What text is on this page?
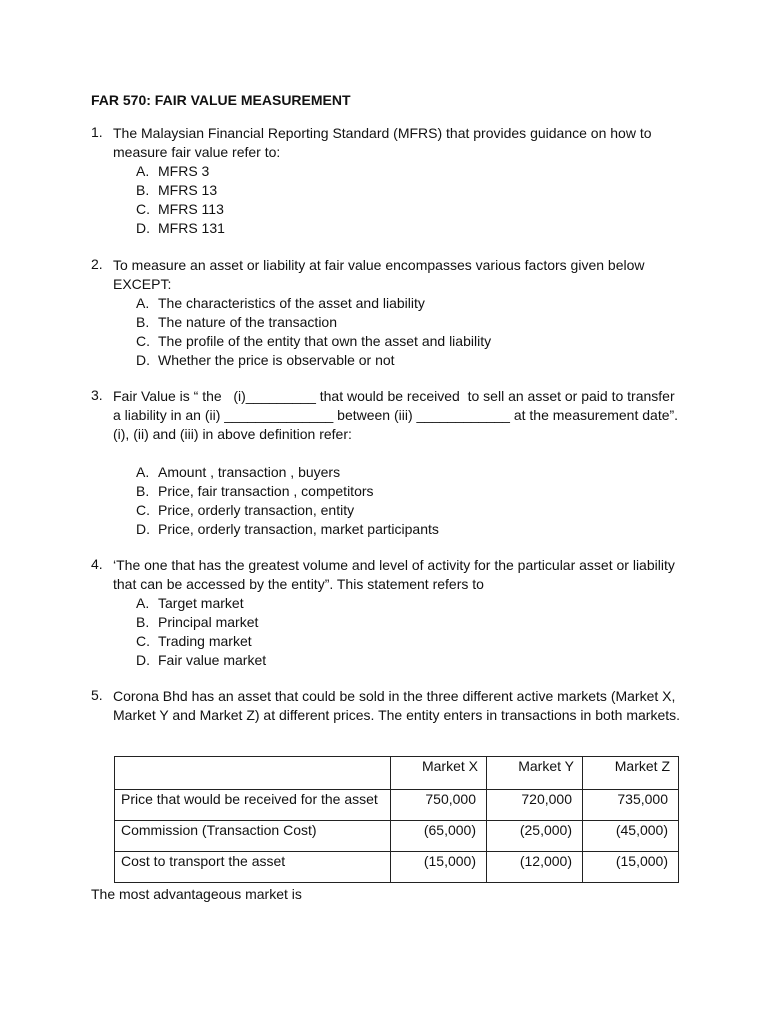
FAR 570: FAIR VALUE MEASUREMENT
1. The Malaysian Financial Reporting Standard (MFRS) that provides guidance on how to
measure fair value refer to:
A. MFRS 3
B. MFRS 13
C. MFRS 113
D. MFRS 131
2. To measure an asset or liability at fair value encompasses various factors given below
EXCEPT:
A. The characteristics of the asset and liability
B. The nature of the transaction
C. The profile of the entity that own the asset and liability
D. Whether the price is observable or not
3. Fair Value is “ the   (i)_________ that would be received  to sell an asset or paid to transfer
a liability in an (ii) ______________ between (iii) ____________ at the measurement date”.
(i), (ii) and (iii) in above definition refer:

A. Amount , transaction , buyers
B. Price, fair transaction , competitors
C. Price, orderly transaction, entity
D. Price, orderly transaction, market participants
4. ‘The one that has the greatest volume and level of activity for the particular asset or liability
that can be accessed by the entity”. This statement refers to
A. Target market
B. Principal market
C. Trading market
D. Fair value market
5. Corona Bhd has an asset that could be sold in the three different active markets (Market X,
Market Y and Market Z) at different prices. The entity enters in transactions in both markets.
	Market X	Market Y	Market Z
Price that would be received for the asset	750,000	720,000	735,000
Commission (Transaction Cost)	(65,000)	(25,000)	(45,000)
Cost to transport the asset	(15,000)	(12,000)	(15,000)
The most advantageous market is
